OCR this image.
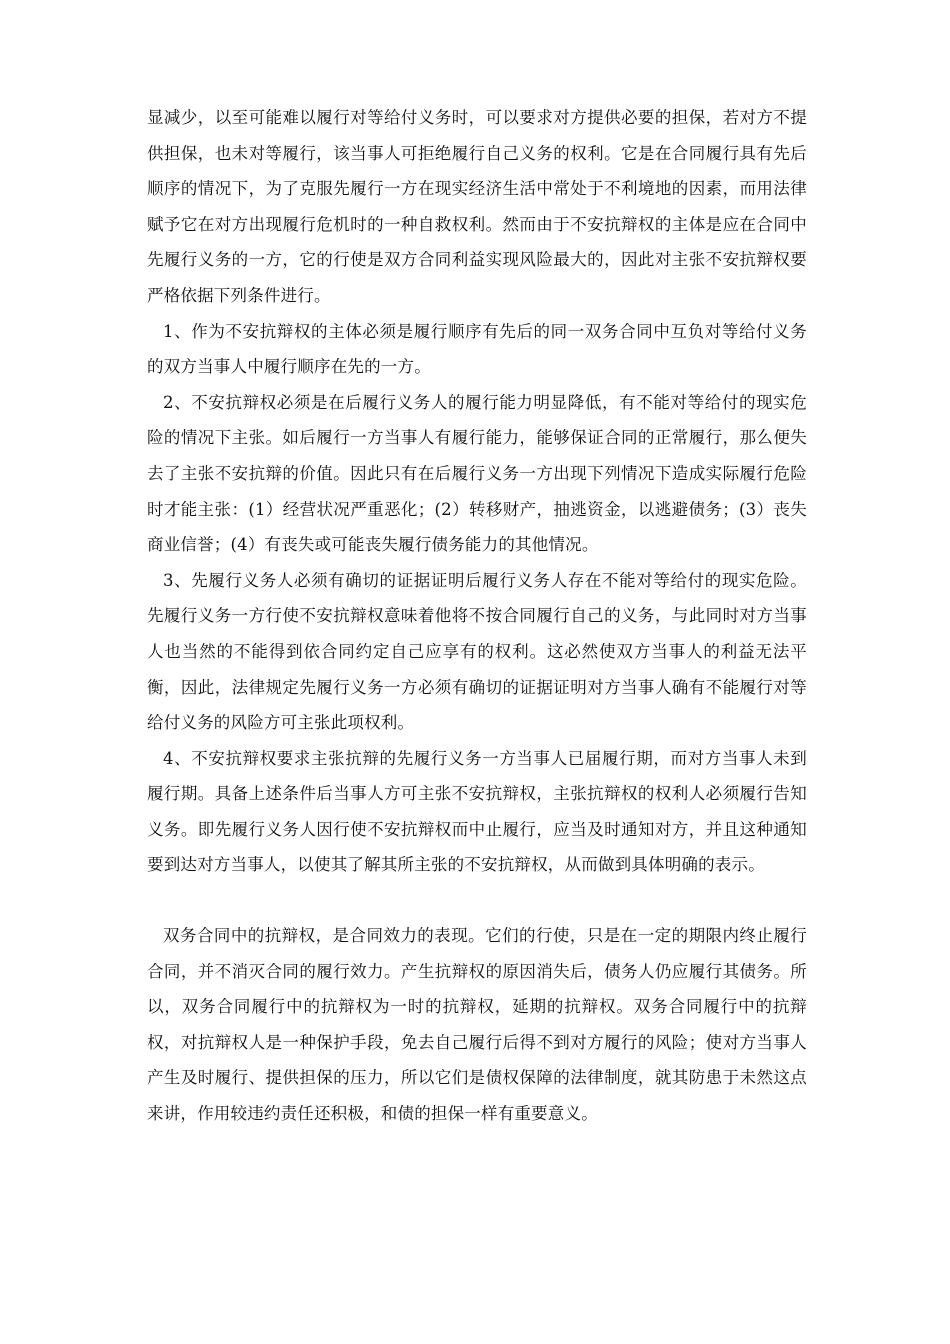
显减少，以至可能难以履行对等给付义务时，可以要求对方提供必要的担保，若对方不提供担保，也未对等履行，该当事人可拒绝履行自己义务的权利。它是在合同履行具有先后顺序的情况下，为了克服先履行一方在现实经济生活中常处于不利境地的因素，而用法律赋予它在对方出现履行危机时的一种自救权利。然而由于不安抗辩权的主体是应在合同中先履行义务的一方，它的行使是双方合同利益实现风险最大的，因此对主张不安抗辩权要严格依据下列条件进行。

1、作为不安抗辩权的主体必须是履行顺序有先后的同一双务合同中互负对等给付义务的双方当事人中履行顺序在先的一方。

2、不安抗辩权必须是在后履行义务人的履行能力明显降低，有不能对等给付的现实危险的情况下主张。如后履行一方当事人有履行能力，能够保证合同的正常履行，那么便失去了主张不安抗辩的价值。因此只有在后履行义务一方出现下列情况下造成实际履行危险时才能主张：(1）经营状况严重恶化；(2）转移财产，抽逃资金，以逃避债务；(3）丧失商业信誉；(4）有丧失或可能丧失履行债务能力的其他情况。

3、先履行义务人必须有确切的证据证明后履行义务人存在不能对等给付的现实危险。先履行义务一方行使不安抗辩权意味着他将不按合同履行自己的义务，与此同时对方当事人也当然的不能得到依合同约定自己应享有的权利。这必然使双方当事人的利益无法平衡，因此，法律规定先履行义务一方必须有确切的证据证明对方当事人确有不能履行对等给付义务的风险方可主张此项权利。

4、不安抗辩权要求主张抗辩的先履行义务一方当事人已届履行期，而对方当事人未到履行期。具备上述条件后当事人方可主张不安抗辩权，主张抗辩权的权利人必须履行告知义务。即先履行义务人因行使不安抗辩权而中止履行，应当及时通知对方，并且这种通知要到达对方当事人，以使其了解其所主张的不安抗辩权，从而做到具体明确的表示。

双务合同中的抗辩权，是合同效力的表现。它们的行使，只是在一定的期限内终止履行合同，并不消灭合同的履行效力。产生抗辩权的原因消失后，债务人仍应履行其债务。所以，双务合同履行中的抗辩权为一时的抗辩权，延期的抗辩权。双务合同履行中的抗辩权，对抗辩权人是一种保护手段，免去自己履行后得不到对方履行的风险；使对方当事人产生及时履行、提供担保的压力，所以它们是债权保障的法律制度，就其防患于未然这点来讲，作用较违约责任还积极，和债的担保一样有重要意义。
